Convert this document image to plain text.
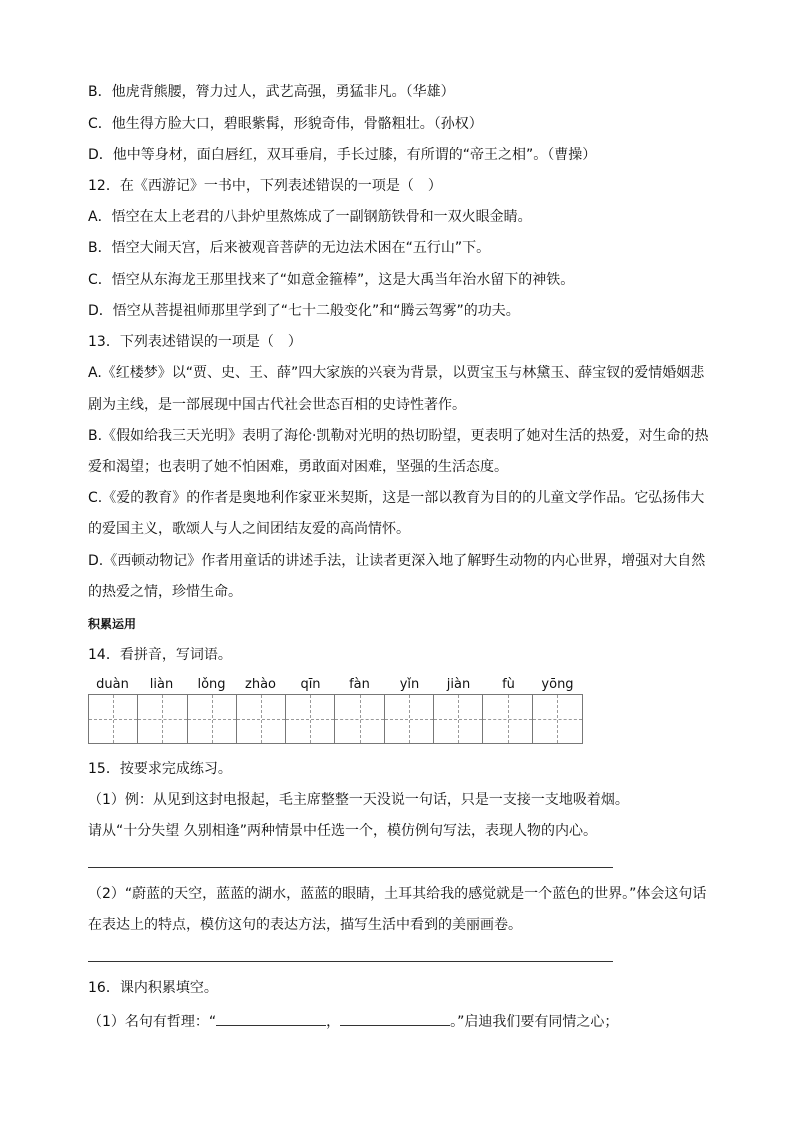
B．他虎背熊腰，膂力过人，武艺高强，勇猛非凡。（华雄）
C．他生得方脸大口，碧眼紫髯，形貌奇伟，骨骼粗壮。（孙权）
D．他中等身材，面白唇红，双耳垂肩，手长过膝，有所谓的“帝王之相”。（曹操）
12．在《西游记》一书中，下列表述错误的一项是（　）
A．悟空在太上老君的八卦炉里熬炼成了一副钢筋铁骨和一双火眼金睛。
B．悟空大闹天宫，后来被观音菩萨的无边法术困在“五行山”下。
C．悟空从东海龙王那里找来了“如意金箍棒”，这是大禹当年治水留下的神铁。
D．悟空从菩提祖师那里学到了“七十二般变化”和“腾云驾雾”的功夫。
13．下列表述错误的一项是（　）
A.《红楼梦》以“贾、史、王、薛”四大家族的兴衰为背景，以贾宝玉与林黛玉、薛宝钗的爱情婚姻悲
剧为主线，是一部展现中国古代社会世态百相的史诗性著作。
B.《假如给我三天光明》表明了海伦·凯勒对光明的热切盼望，更表明了她对生活的热爱，对生命的热
爱和渴望；也表明了她不怕困难，勇敢面对困难，坚强的生活态度。
C.《爱的教育》的作者是奥地利作家亚米契斯，这是一部以教育为目的的儿童文学作品。它弘扬伟大
的爱国主义，歌颂人与人之间团结友爱的高尚情怀。
D.《西顿动物记》作者用童话的讲述手法，让读者更深入地了解野生动物的内心世界，增强对大自然
的热爱之情，珍惜生命。
积累运用
14．看拼音，写词语。
duàn	liàn	lǒng	zhào	qīn	fàn	yǐn	jiàn	fù	yōng
15．按要求完成练习。
（1）例：从见到这封电报起，毛主席整整一天没说一句话，只是一支接一支地吸着烟。
请从“十分失望 久别相逢”两种情景中任选一个，模仿例句写法，表现人物的内心。
（2）“蔚蓝的天空，蓝蓝的湖水，蓝蓝的眼睛，土耳其给我的感觉就是一个蓝色的世界。”体会这句话
在表达上的特点，模仿这句的表达方法，描写生活中看到的美丽画卷。
16．课内积累填空。
（1）名句有哲理：“	，	。”启迪我们要有同情之心；
